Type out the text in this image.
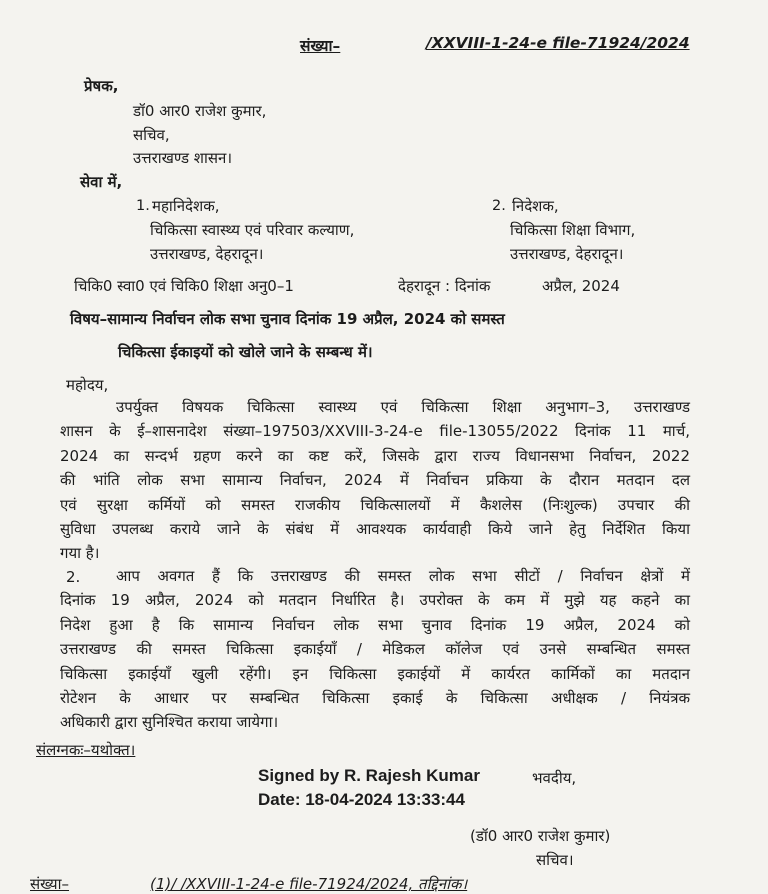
संख्या–	/XXVIII-1-24-e file-71924/2024
प्रेषक,
डॉ0 आर0 राजेश कुमार,
सचिव,
उत्तराखण्ड शासन।
सेवा में,
1. महानिदेशक,
चिकित्सा स्वास्थ्य एवं परिवार कल्याण,
उत्तराखण्ड, देहरादून।
2. निदेशक,
चिकित्सा शिक्षा विभाग,
उत्तराखण्ड, देहरादून।
चिकि0 स्वा0 एवं चिकि0 शिक्षा अनु0–1	देहरादून : दिनांक	अप्रैल, 2024
विषय–सामान्य निर्वाचन लोक सभा चुनाव दिनांक 19 अप्रैल, 2024 को समस्त
चिकित्सा ईकाइयों को खोले जाने के सम्बन्ध में।
महोदय,
उपर्युक्त विषयक चिकित्सा स्वास्थ्य एवं चिकित्सा शिक्षा अनुभाग–3, उत्तराखण्ड
शासन के ई–शासनादेश संख्या–197503/XXVIII-3-24-e file-13055/2022 दिनांक 11 मार्च,
2024 का सन्दर्भ ग्रहण करने का कष्ट करें, जिसके द्वारा राज्य विधानसभा निर्वाचन, 2022
की भांति लोक सभा सामान्य निर्वाचन, 2024 में निर्वाचन प्रकिया के दौरान मतदान दल
एवं सुरक्षा कर्मियों को समस्त राजकीय चिकित्सालयों में कैशलेस (निःशुल्क) उपचार की
सुविधा उपलब्ध कराये जाने के संबंध में आवश्यक कार्यवाही किये जाने हेतु निर्देशित किया
गया है।
2.	आप अवगत हैं कि उत्तराखण्ड की समस्त लोक सभा सीटों / निर्वाचन क्षेत्रों में
दिनांक 19 अप्रैल, 2024 को मतदान निर्धारित है। उपरोक्त के कम में मुझे यह कहने का
निदेश हुआ है कि सामान्य निर्वाचन लोक सभा चुनाव दिनांक 19 अप्रैल, 2024 को
उत्तराखण्ड की समस्त चिकित्सा इकाईयाँ / मेडिकल कॉलेज एवं उनसे सम्बन्धित समस्त
चिकित्सा इकाईयाँ खुली रहेंगी। इन चिकित्सा इकाईयों में कार्यरत कार्मिकों का मतदान
रोटेशन के आधार पर सम्बन्धित चिकित्सा इकाई के चिकित्सा अधीक्षक / नियंत्रक
अधिकारी द्वारा सुनिश्चित कराया जायेगा।
संलग्नकः–यथोक्त।
Signed by R. Rajesh Kumar	भवदीय,
Date: 18-04-2024 13:33:44
(डॉ0 आर0 राजेश कुमार)
सचिव।
संख्या–	(1)/ /XXVIII-1-24-e file-71924/2024, तद्दिनांक।
